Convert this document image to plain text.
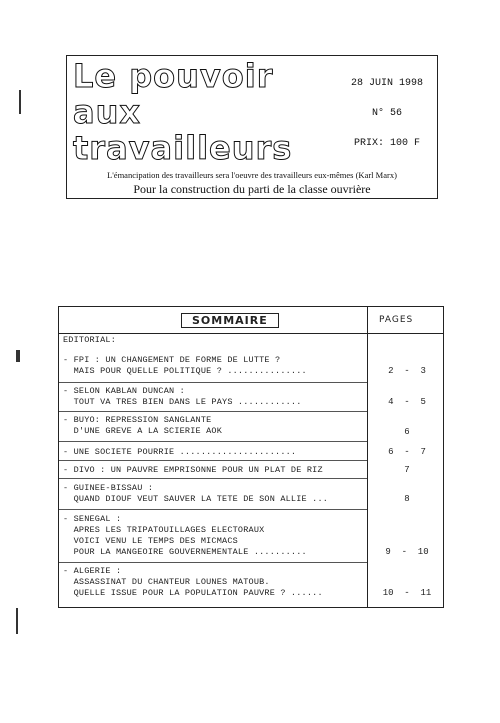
Le pouvoir
aux
travailleurs
28 JUIN 1998
N° 56
PRIX: 100 F
L'émancipation des travailleurs sera l'oeuvre des travailleurs eux-mêmes (Karl Marx)
Pour la construction du parti de la classe ouvrière
SOMMAIRE	PAGES
EDITORIAL:
- FPI : UN CHANGEMENT DE FORME DE LUTTE ?
MAIS POUR QUELLE POLITIQUE ? ...............	2  -  3
- SELON KABLAN DUNCAN :
TOUT VA TRES BIEN DANS LE PAYS ............	4  -  5
- BUYO: REPRESSION SANGLANTE
D'UNE GREVE A LA SCIERIE AOK	6
- UNE SOCIETE POURRIE ......................	6  -  7
- DIVO : UN PAUVRE EMPRISONNE POUR UN PLAT DE RIZ	7
- GUINEE-BISSAU :
QUAND DIOUF VEUT SAUVER LA TETE DE SON ALLIE ...	8
- SENEGAL :
APRES LES TRIPATOUILLAGES ELECTORAUX
VOICI VENU LE TEMPS DES MICMACS
POUR LA MANGEOIRE GOUVERNEMENTALE ..........	9  -  10
- ALGERIE :
ASSASSINAT DU CHANTEUR LOUNES MATOUB.
QUELLE ISSUE POUR LA POPULATION PAUVRE ? ......	10  -  11
